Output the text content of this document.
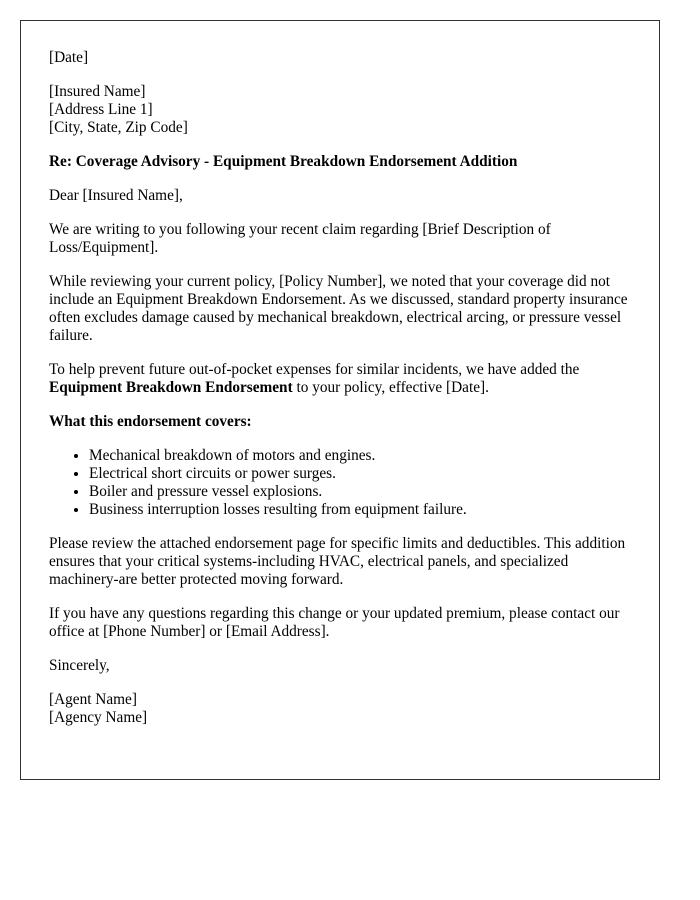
[Date]

[Insured Name]
[Address Line 1]
[City, State, Zip Code]

Re: Coverage Advisory - Equipment Breakdown Endorsement Addition

Dear [Insured Name],

We are writing to you following your recent claim regarding [Brief Description of Loss/Equipment].

While reviewing your current policy, [Policy Number], we noted that your coverage did not include an Equipment Breakdown Endorsement. As we discussed, standard property insurance often excludes damage caused by mechanical breakdown, electrical arcing, or pressure vessel failure.

To help prevent future out-of-pocket expenses for similar incidents, we have added the Equipment Breakdown Endorsement to your policy, effective [Date].

What this endorsement covers:

• Mechanical breakdown of motors and engines.
• Electrical short circuits or power surges.
• Boiler and pressure vessel explosions.
• Business interruption losses resulting from equipment failure.

Please review the attached endorsement page for specific limits and deductibles. This addition ensures that your critical systems-including HVAC, electrical panels, and specialized machinery-are better protected moving forward.

If you have any questions regarding this change or your updated premium, please contact our office at [Phone Number] or [Email Address].

Sincerely,

[Agent Name]
[Agency Name]
